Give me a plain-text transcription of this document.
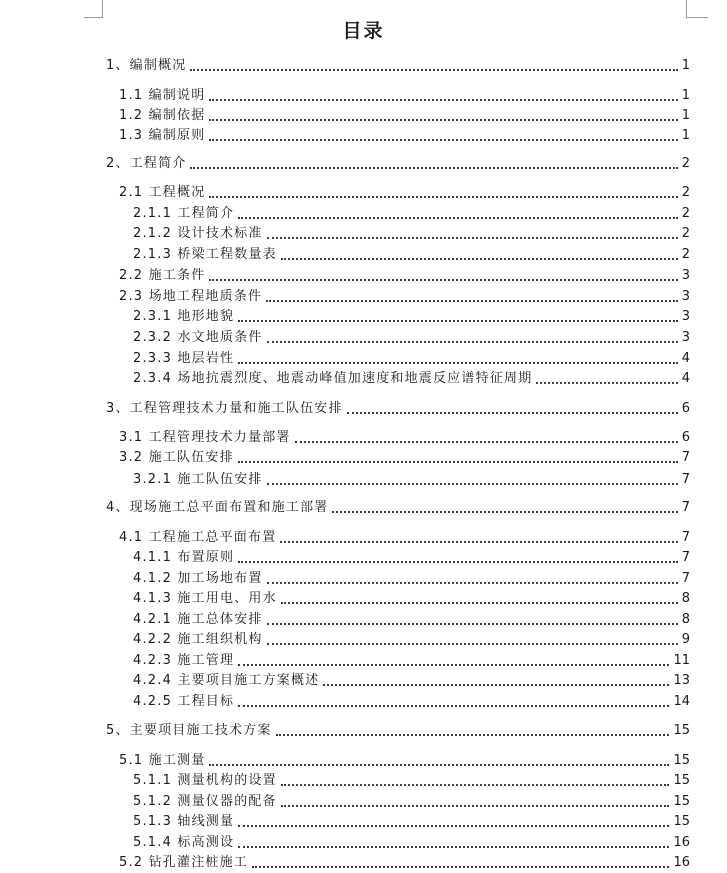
目录
1、编制概况	1
1.1 编制说明	1
1.2 编制依据	1
1.3 编制原则	1
2、工程简介	2
2.1 工程概况	2
2.1.1 工程简介	2
2.1.2 设计技术标准	2
2.1.3 桥梁工程数量表	2
2.2 施工条件	3
2.3 场地工程地质条件	3
2.3.1 地形地貌	3
2.3.2 水文地质条件	3
2.3.3 地层岩性	4
2.3.4 场地抗震烈度、地震动峰值加速度和地震反应谱特征周期	4
3、工程管理技术力量和施工队伍安排	6
3.1 工程管理技术力量部署	6
3.2 施工队伍安排	7
3.2.1 施工队伍安排	7
4、现场施工总平面布置和施工部署	7
4.1 工程施工总平面布置	7
4.1.1 布置原则	7
4.1.2 加工场地布置	7
4.1.3 施工用电、用水	8
4.2.1 施工总体安排	8
4.2.2 施工组织机构	9
4.2.3 施工管理	11
4.2.4 主要项目施工方案概述	13
4.2.5 工程目标	14
5、主要项目施工技术方案	15
5.1 施工测量	15
5.1.1 测量机构的设置	15
5.1.2 测量仪器的配备	15
5.1.3 轴线测量	15
5.1.4 标高测设	16
5.2 钻孔灌注桩施工	16
